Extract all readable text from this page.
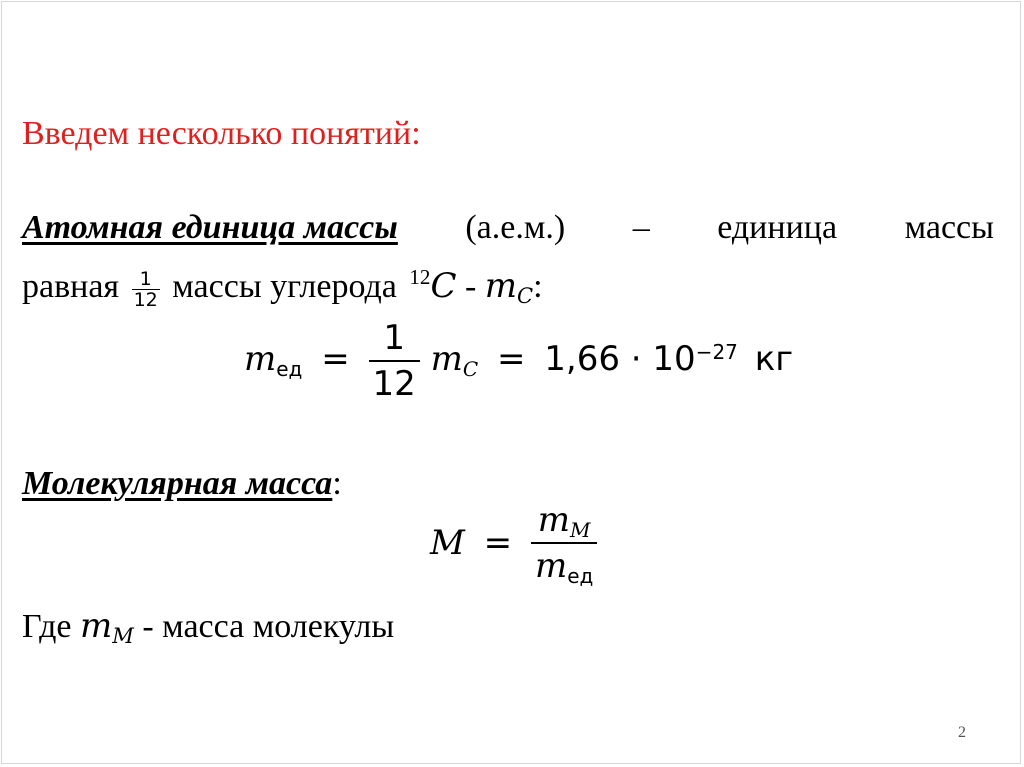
Введем несколько понятий:
Атомная единица массы (а.е.м.) – единица массы
равная $\frac{1}{12}$ массы углерода $^{12}$C - mC:
mед = $\frac{1}{12}$ mC = $1,66 \cdot 10^{-27}$ кг
Молекулярная масса:
$M = \frac{mM}{\text{mед}}$
Где mM - масса молекулы
2
